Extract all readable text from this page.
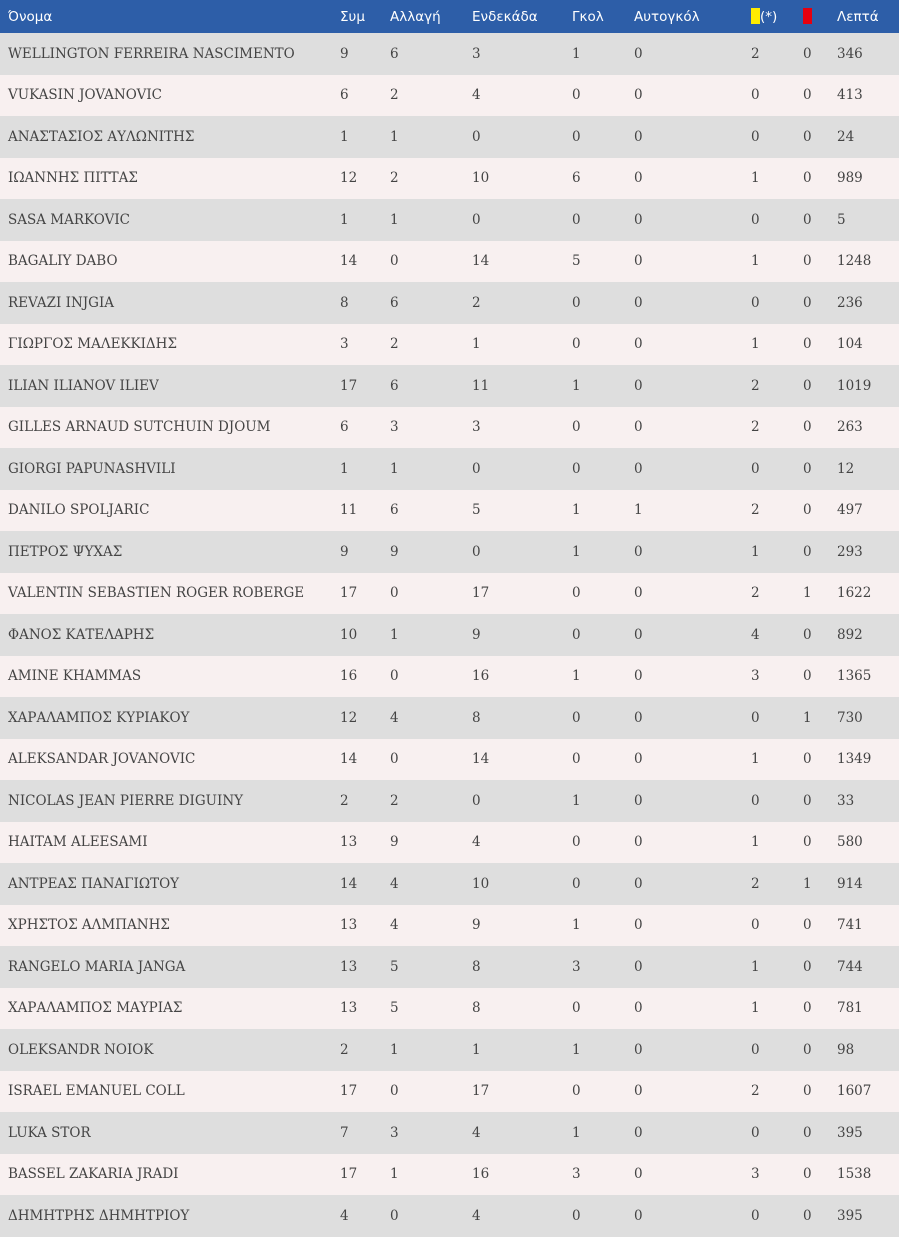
Όνομα	Συμ	Αλλαγή	Ενδεκάδα	Γκολ	Αυτογκόλ	(*)		Λεπτά
WELLINGTON FERREIRA NASCIMENTO	9	6	3	1	0	2	0	346
VUKASIN JOVANOVIC	6	2	4	0	0	0	0	413
ΑΝΑΣΤΑΣΙΟΣ ΑΥΛΩΝΙΤΗΣ	1	1	0	0	0	0	0	24
ΙΩΑΝΝΗΣ ΠΙΤΤΑΣ	12	2	10	6	0	1	0	989
SASA MARKOVIC	1	1	0	0	0	0	0	5
BAGALIY DABO	14	0	14	5	0	1	0	1248
REVAZI INJGIA	8	6	2	0	0	0	0	236
ΓΙΩΡΓΟΣ ΜΑΛΕΚΚΙΔΗΣ	3	2	1	0	0	1	0	104
ILIAN ILIANOV ILIEV	17	6	11	1	0	2	0	1019
GILLES ARNAUD SUTCHUIN DJOUM	6	3	3	0	0	2	0	263
GIORGI PAPUNASHVILI	1	1	0	0	0	0	0	12
DANILO SPOLJARIC	11	6	5	1	1	2	0	497
ΠΕΤΡΟΣ ΨΥΧΑΣ	9	9	0	1	0	1	0	293
VALENTIN SEBASTIEN ROGER ROBERGE	17	0	17	0	0	2	1	1622
ΦΑΝΟΣ ΚΑΤΕΛΑΡΗΣ	10	1	9	0	0	4	0	892
AMINE KHAMMAS	16	0	16	1	0	3	0	1365
ΧΑΡΑΛΑΜΠΟΣ ΚΥΡΙΑΚΟΥ	12	4	8	0	0	0	1	730
ALEKSANDAR JOVANOVIC	14	0	14	0	0	1	0	1349
NICOLAS JEAN PIERRE DIGUINY	2	2	0	1	0	0	0	33
HAITAM ALEESAMI	13	9	4	0	0	1	0	580
ΑΝΤΡΕΑΣ ΠΑΝΑΓΙΩΤΟΥ	14	4	10	0	0	2	1	914
ΧΡΗΣΤΟΣ ΑΛΜΠΑΝΗΣ	13	4	9	1	0	0	0	741
RANGELO MARIA JANGA	13	5	8	3	0	1	0	744
ΧΑΡΑΛΑΜΠΟΣ ΜΑΥΡΙΑΣ	13	5	8	0	0	1	0	781
OLEKSANDR NOIOK	2	1	1	1	0	0	0	98
ISRAEL EMANUEL COLL	17	0	17	0	0	2	0	1607
LUKA STOR	7	3	4	1	0	0	0	395
BASSEL ZAKARIA JRADI	17	1	16	3	0	3	0	1538
ΔΗΜΗΤΡΗΣ ΔΗΜΗΤΡΙΟΥ	4	0	4	0	0	0	0	395
